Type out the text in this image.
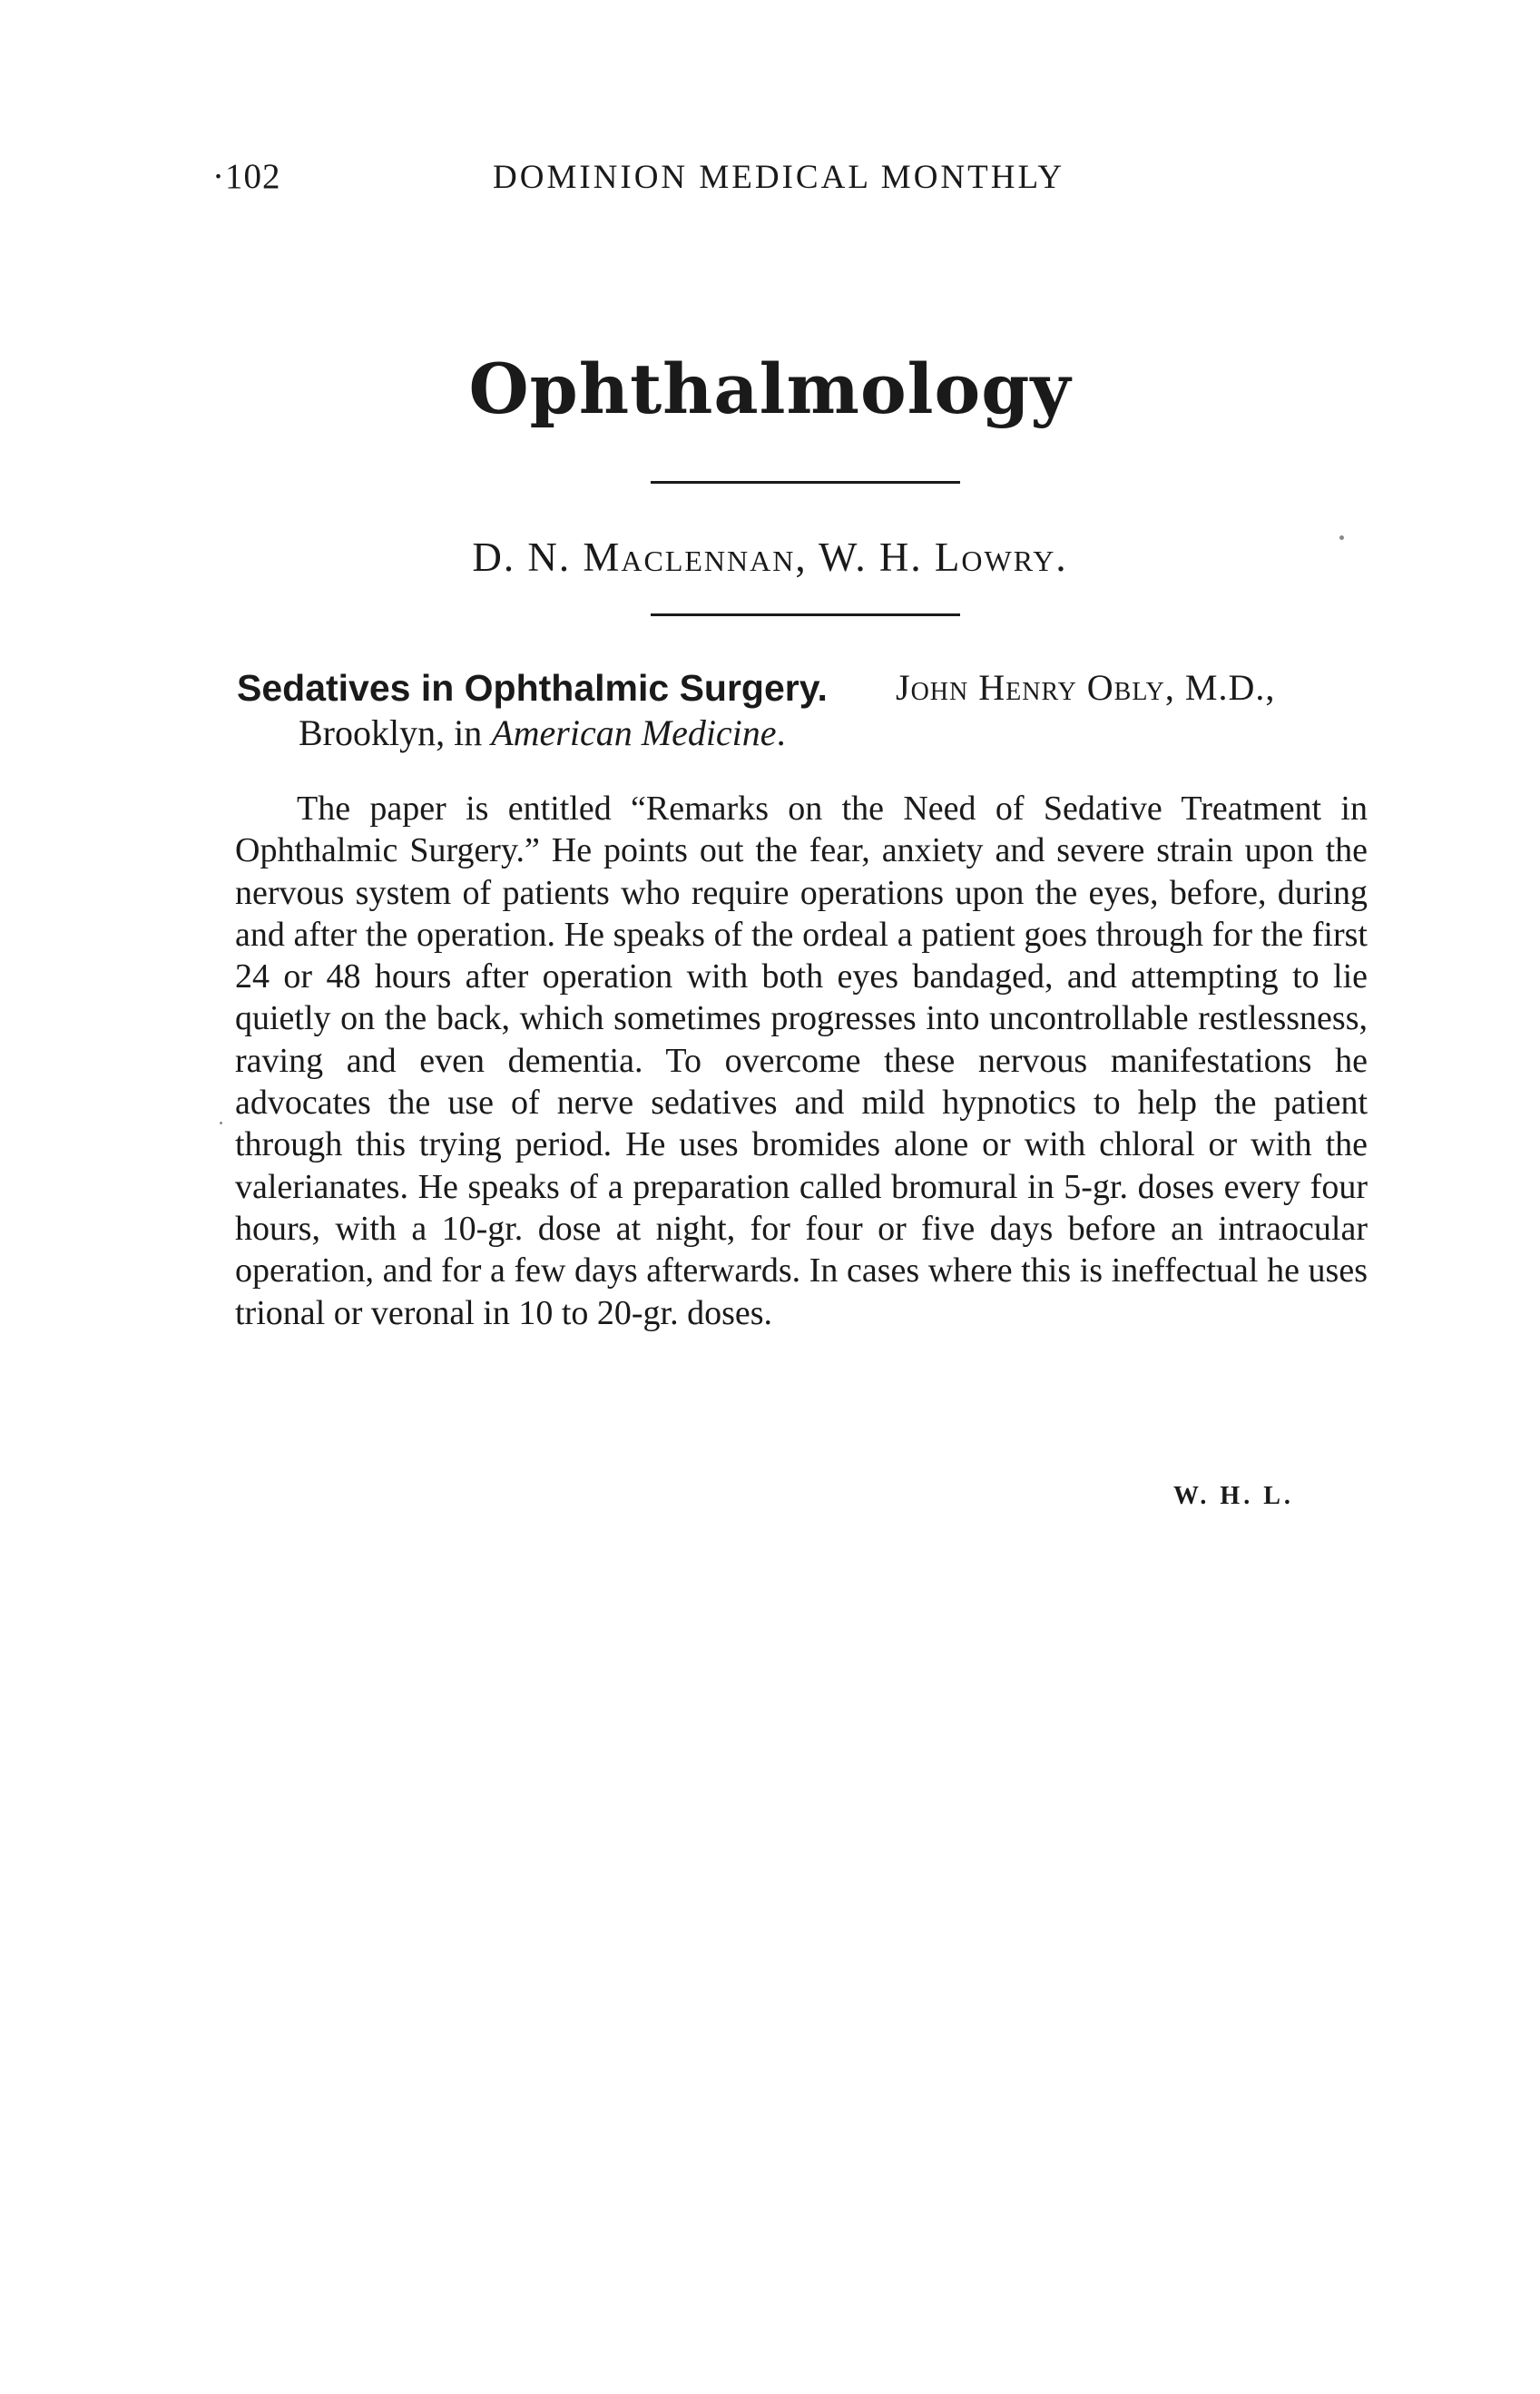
·102	DOMINION MEDICAL MONTHLY
Ophthalmology
D. N. Maclennan, W. H. Lowry.
Sedatives in Ophthalmic Surgery. John Henry Obly, M.D.,
Brooklyn, in American Medicine.

The paper is entitled “Remarks on the Need of Sedative Treatment in Ophthalmic Surgery.” He points out the fear, anxiety and severe strain upon the nervous system of patients who require operations upon the eyes, before, during and after the operation. He speaks of the ordeal a patient goes through for the first 24 or 48 hours after operation with both eyes bandaged, and attempting to lie quietly on the back, which sometimes progresses into uncontrollable restlessness, raving and even dementia. To overcome these nervous manifestations he advocates the use of nerve sedatives and mild hypnotics to help the patient through this trying period. He uses bromides alone or with chloral or with the valerianates. He speaks of a preparation called bromural in 5-gr. doses every four hours, with a 10-gr. dose at night, for four or five days before an intraocular operation, and for a few days afterwards. In cases where this is ineffectual he uses trional or veronal in 10 to 20-gr. doses.

W. H. L.
